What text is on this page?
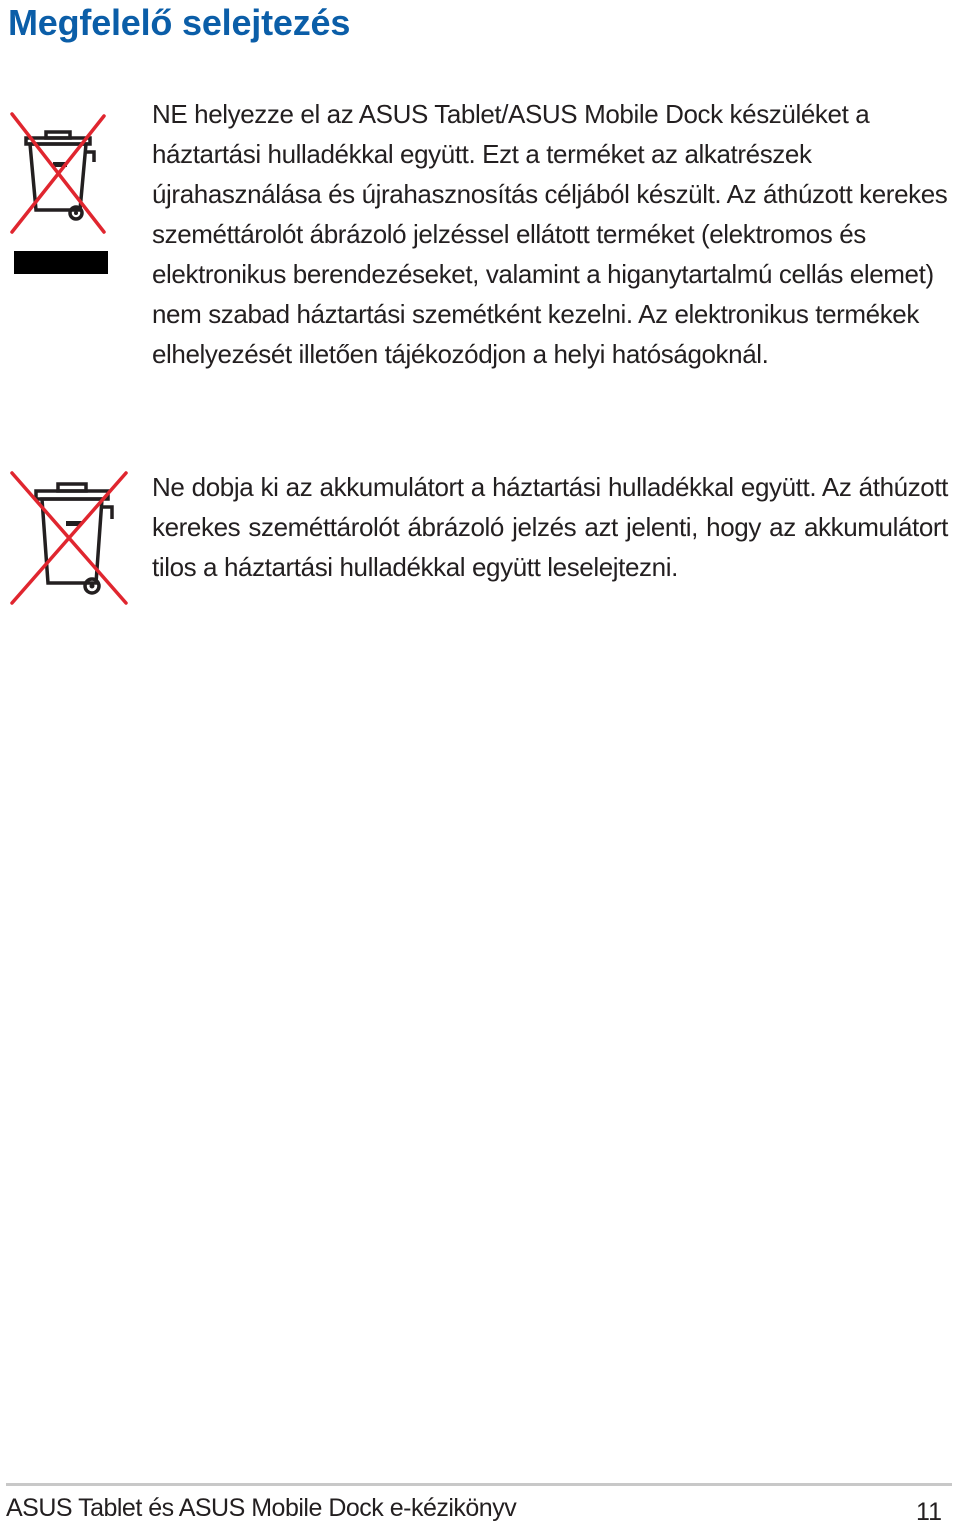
Megfelelő selejtezés

NE helyezze el az ASUS Tablet/ASUS Mobile Dock készüléket a háztartási hulladékkal együtt. Ezt a terméket az alkatrészek újrahasználása és újrahasznosítás céljából készült. Az áthúzott kerekes szeméttárolót ábrázoló jelzéssel ellátott terméket (elektromos és elektronikus berendezéseket, valamint a higanytartalmú cellás elemet) nem szabad háztartási szemétként kezelni. Az elektronikus termékek elhelyezését illetően tájékozódjon a helyi hatóságoknál.

Ne dobja ki az akkumulátort a háztartási hulladékkal együtt. Az áthúzott kerekes szeméttárolót ábrázoló jelzés azt jelenti, hogy az akkumulátort tilos a háztartási hulladékkal együtt leselejtezni.

ASUS Tablet és ASUS Mobile Dock e-kézikönyv	11
